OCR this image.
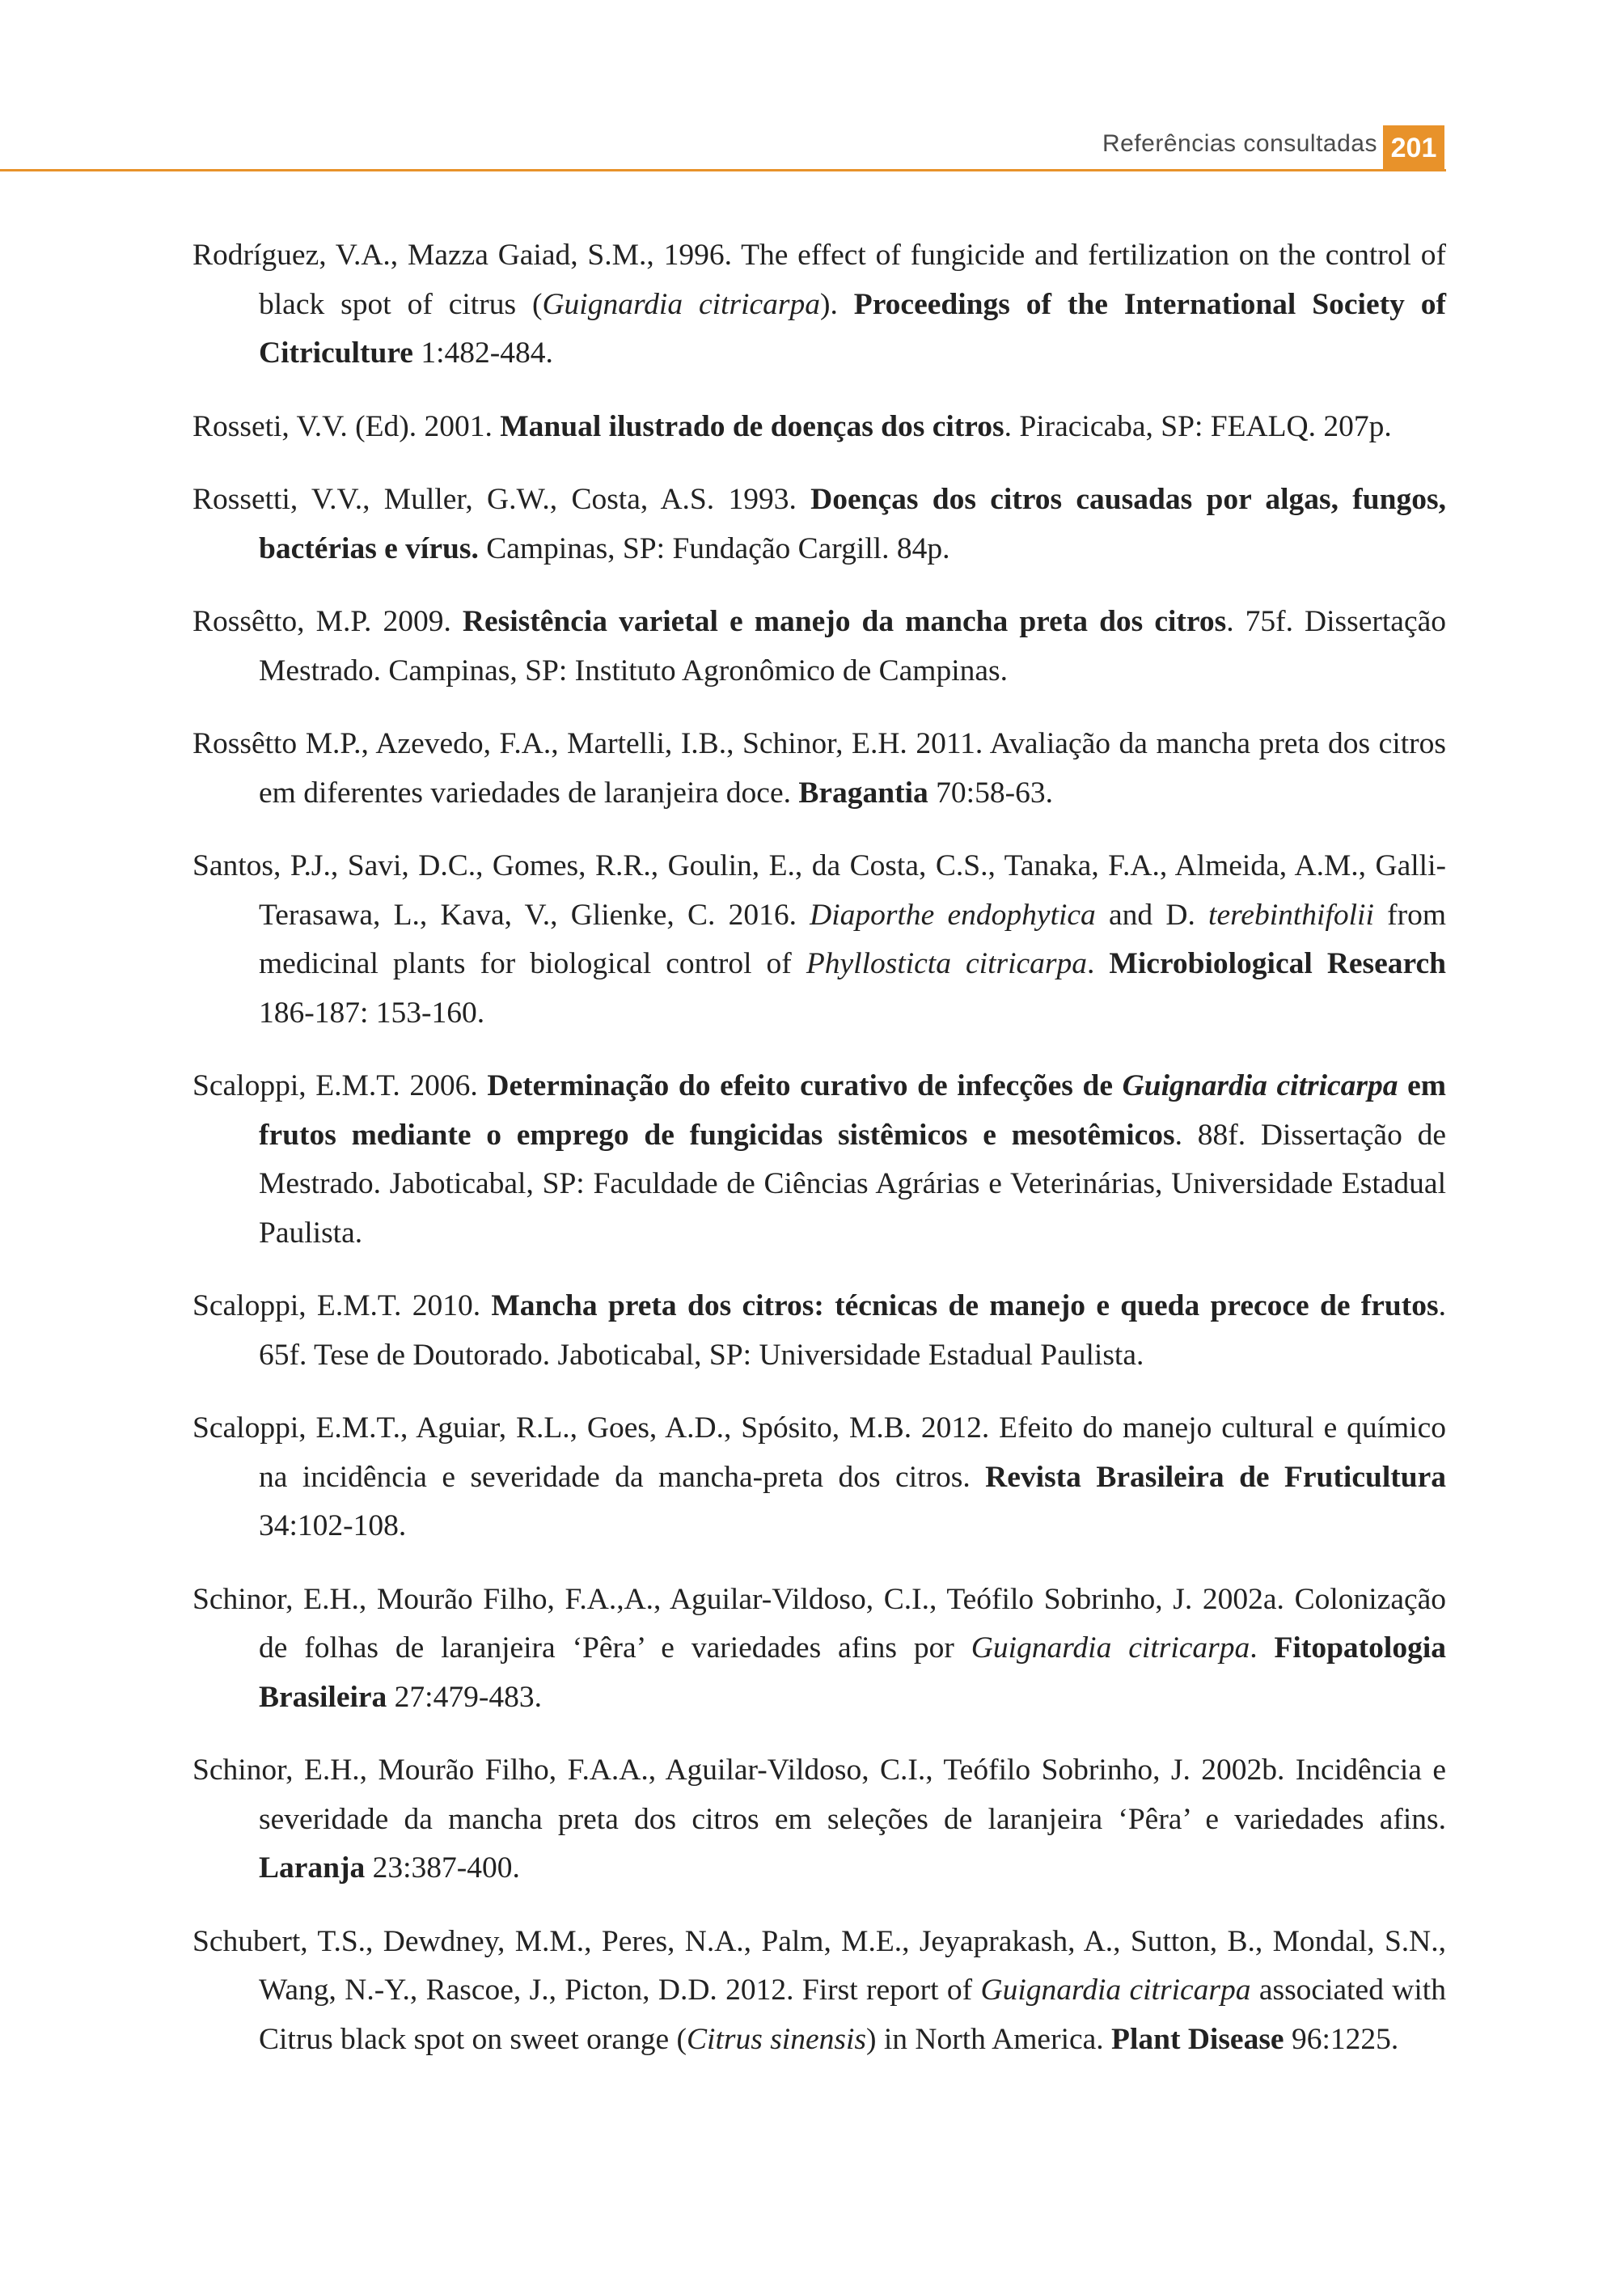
Referências consultadas 201

Rodríguez, V.A., Mazza Gaiad, S.M., 1996. The effect of fungicide and fertilization on the control of black spot of citrus (Guignardia citricarpa). Proceedings of the International Society of Citriculture 1:482-484.

Rosseti, V.V. (Ed). 2001. Manual ilustrado de doenças dos citros. Piracicaba, SP: FEALQ. 207p.

Rossetti, V.V., Muller, G.W., Costa, A.S. 1993. Doenças dos citros causadas por algas, fungos, bactérias e vírus. Campinas, SP: Fundação Cargill. 84p.

Rossêtto, M.P. 2009. Resistência varietal e manejo da mancha preta dos citros. 75f. Dissertação Mestrado. Campinas, SP: Instituto Agronômico de Campinas.

Rossêtto M.P., Azevedo, F.A., Martelli, I.B., Schinor, E.H. 2011. Avaliação da mancha preta dos citros em diferentes variedades de laranjeira doce. Bragantia 70:58-63.

Santos, P.J., Savi, D.C., Gomes, R.R., Goulin, E., da Costa, C.S., Tanaka, F.A., Almeida, A.M., Galli-Terasawa, L., Kava, V., Glienke, C. 2016. Diaporthe endophytica and D. terebinthifolii from medicinal plants for biological control of Phyllosticta citricarpa. Microbiological Research 186-187: 153-160.

Scaloppi, E.M.T. 2006. Determinação do efeito curativo de infecções de Guignardia citricarpa em frutos mediante o emprego de fungicidas sistêmicos e mesotêmicos. 88f. Dissertação de Mestrado. Jaboticabal, SP: Faculdade de Ciências Agrárias e Veterinárias, Universidade Estadual Paulista.

Scaloppi, E.M.T. 2010. Mancha preta dos citros: técnicas de manejo e queda precoce de frutos. 65f. Tese de Doutorado. Jaboticabal, SP: Universidade Estadual Paulista.

Scaloppi, E.M.T., Aguiar, R.L., Goes, A.D., Spósito, M.B. 2012. Efeito do manejo cultural e químico na incidência e severidade da mancha-preta dos citros. Revista Brasileira de Fruticultura 34:102-108.

Schinor, E.H., Mourão Filho, F.A.,A., Aguilar-Vildoso, C.I., Teófilo Sobrinho, J. 2002a. Colonização de folhas de laranjeira ‘Pêra’ e variedades afins por Guignardia citricarpa. Fitopatologia Brasileira 27:479-483.

Schinor, E.H., Mourão Filho, F.A.A., Aguilar-Vildoso, C.I., Teófilo Sobrinho, J. 2002b. Incidência e severidade da mancha preta dos citros em seleções de laranjeira ‘Pêra’ e variedades afins. Laranja 23:387-400.

Schubert, T.S., Dewdney, M.M., Peres, N.A., Palm, M.E., Jeyaprakash, A., Sutton, B., Mondal, S.N., Wang, N.-Y., Rascoe, J., Picton, D.D. 2012. First report of Guignardia citricarpa associated with Citrus black spot on sweet orange (Citrus sinensis) in North America. Plant Disease 96:1225.
